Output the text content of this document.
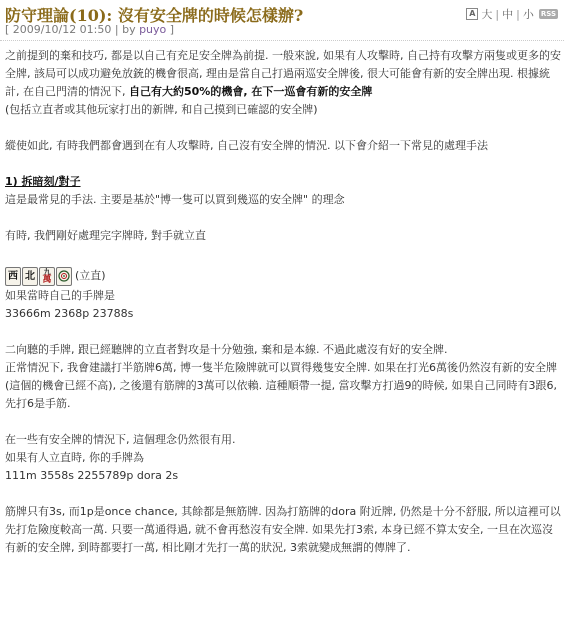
防守理論(10): 沒有安全牌的時候怎樣辦?
[ 2009/10/12 01:50 | by puyo ]
A 大 | 中 | 小 RSS

之前提到的棄和技巧, 都是以自己有充足安全牌為前提. 一般來說, 如果有人攻擊時, 自己持有攻擊方兩隻或更多的安全牌, 該局可以成功避免放銃的機會很高, 理由是當自己打過兩巡安全牌後, 很大可能會有新的安全牌出現. 根據統計, 在自己門清的情況下, 自己有大約50%的機會, 在下一巡會有新的安全牌
(包括立直者或其他玩家打出的新牌, 和自己摸到已確認的安全牌)

縱使如此, 有時我們都會遇到在有人攻擊時, 自己沒有安全牌的情況. 以下會介紹一下常見的處理手法

1) 拆暗刻/對子

這是最常見的手法. 主要是基於"博一隻可以買到幾巡的安全牌" 的理念

有時, 我們剛好處理完字牌時, 對手就立直

西 北	九
萬 (立直)

如果當時自己的手牌是

33666m 2368p 23788s

二向聽的手牌, 跟已經聽牌的立直者對攻是十分勉強, 棄和是本線. 不過此處沒有好的安全牌.

正常情況下, 我會建議打半筋牌6萬, 博一隻半危險牌就可以買得幾隻安全牌. 如果在打光6萬後仍然沒有新的安全牌(這個的機會已經不高), 之後還有筋牌的3萬可以依賴. 這種順帶一提, 當攻擊方打過9的時候, 如果自己同時有3跟6, 先打6是手筋.

在一些有安全牌的情況下, 這個理念仍然很有用.

如果有人立直時, 你的手牌為

111m 3558s 2255789p dora 2s

筋牌只有3s, 而1p是once chance, 其餘都是無筋牌. 因為打筋牌的dora 附近牌, 仍然是十分不舒服, 所以這裡可以先打危險度較高一萬. 只要一萬通得過, 就不會再愁沒有安全牌. 如果先打3索, 本身已經不算太安全, 一旦在次巡沒有新的安全牌, 到時都要打一萬, 相比剛才先打一萬的狀況, 3索就變成無謂的傳牌了.
